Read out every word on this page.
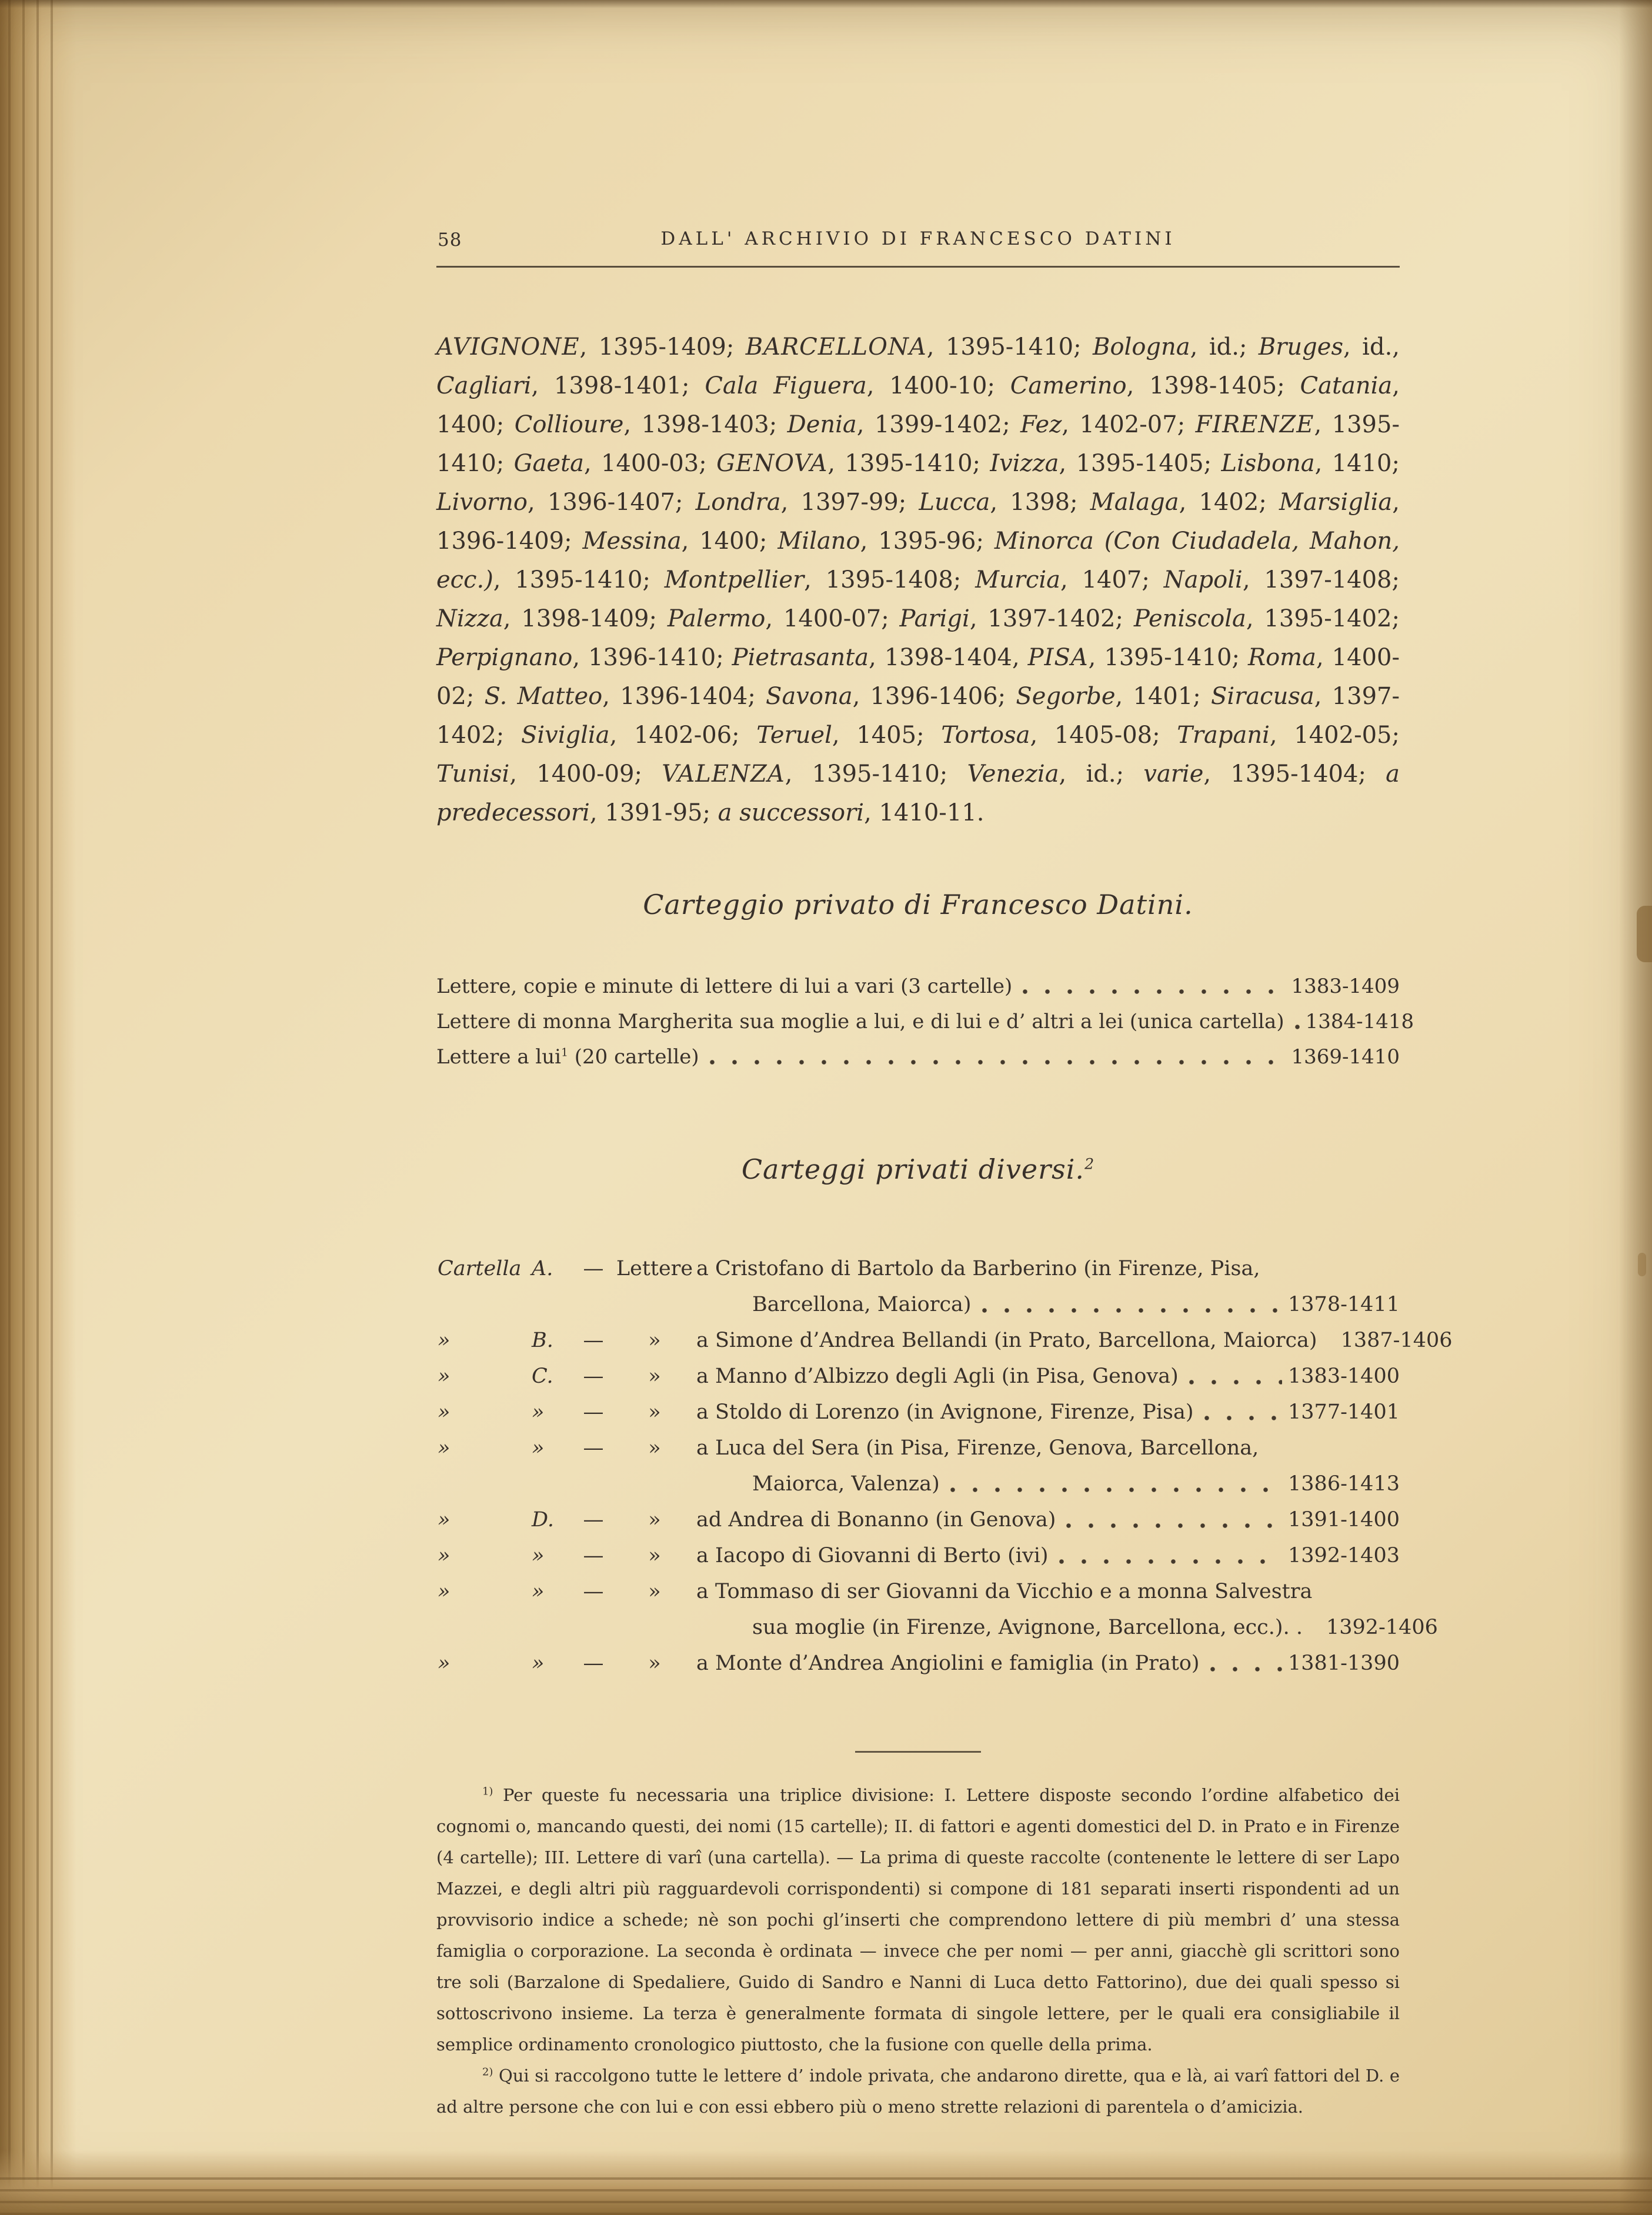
58	DALL' ARCHIVIO DI FRANCESCO DATINI

AVIGNONE, 1395-1409; BARCELLONA, 1395-1410; Bologna, id.; Bruges, id., Cagliari, 1398-1401; Cala Figuera, 1400-10; Camerino, 1398-1405; Catania, 1400; Collioure, 1398-1403; Denia, 1399-1402; Fez, 1402-07; FIRENZE, 1395-1410; Gaeta, 1400-03; GENOVA, 1395-1410; Ivizza, 1395-1405; Lisbona, 1410; Livorno, 1396-1407; Londra, 1397-99; Lucca, 1398; Malaga, 1402; Marsiglia, 1396-1409; Messina, 1400; Milano, 1395-96; Minorca (Con Ciudadela, Mahon, ecc.), 1395-1410; Montpellier, 1395-1408; Murcia, 1407; Napoli, 1397-1408; Nizza, 1398-1409; Palermo, 1400-07; Parigi, 1397-1402; Peniscola, 1395-1402; Perpignano, 1396-1410; Pietrasanta, 1398-1404, PISA, 1395-1410; Roma, 1400-02; S. Matteo, 1396-1404; Savona, 1396-1406; Segorbe, 1401; Siracusa, 1397-1402; Siviglia, 1402-06; Teruel, 1405; Tortosa, 1405-08; Trapani, 1402-05; Tunisi, 1400-09; VALENZA, 1395-1410; Venezia, id.; varie, 1395-1404; a predecessori, 1391-95; a successori, 1410-11.

Carteggio privato di Francesco Datini.
Lettere, copie e minute di lettere di lui a vari (3 cartelle)	1383-1409
Lettere di monna Margherita sua moglie a lui, e di lui e d’ altri a lei (unica cartella) 1384-1418
Lettere a lui$^1$ (20 cartelle)	1369-1410
Carteggi privati diversi.$^2$
Cartella A.	— Lettere a Cristofano di Bartolo da Barberino (in Firenze, Pisa,
Barcellona, Maiorca)	1378-1411
»	B.	—	»	a Simone d’Andrea Bellandi (in Prato, Barcellona, Maiorca) 1387-1406
»	C.	—	»	a Manno d’Albizzo degli Agli (in Pisa, Genova)	1383-1400
»	»	—	»	a Stoldo di Lorenzo (in Avignone, Firenze, Pisa)	1377-1401
»	»	—	»	a Luca del Sera (in Pisa, Firenze, Genova, Barcellona,
Maiorca, Valenza)	1386-1413
»	D.	—	»	ad Andrea di Bonanno (in Genova)	1391-1400
»	»	—	»	a Iacopo di Giovanni di Berto (ivi)	1392-1403
»	»	—	»	a Tommaso di ser Giovanni da Vicchio e a monna Salvestra
sua moglie (in Firenze, Avignone, Barcellona, ecc.). . 1392-1406
»	»	—	»	a Monte d’Andrea Angiolini e famiglia (in Prato)	1381-1390

$^{1)}$ Per queste fu necessaria una triplice divisione: I. Lettere disposte secondo l’ordine alfabetico dei cognomi o, mancando questi, dei nomi (15 cartelle); II. di fattori e agenti domestici del D. in Prato e in Firenze (4 cartelle); III. Lettere di varî (una cartella). — La prima di queste raccolte (contenente le lettere di ser Lapo Mazzei, e degli altri più ragguardevoli corrispondenti) si compone di 181 separati inserti rispondenti ad un provvisorio indice a schede; nè son pochi gl’inserti che comprendono lettere di più membri d’ una stessa famiglia o corporazione. La seconda è ordinata — invece che per nomi — per anni, giacchè gli scrittori sono tre soli (Barzalone di Spedaliere, Guido di Sandro e Nanni di Luca detto Fattorino), due dei quali spesso si sottoscrivono insieme. La terza è generalmente formata di singole lettere, per le quali era consigliabile il semplice ordinamento cronologico piuttosto, che la fusione con quelle della prima.

$^{2)}$ Qui si raccolgono tutte le lettere d’ indole privata, che andarono dirette, qua e là, ai varî fattori del D. e ad altre persone che con lui e con essi ebbero più o meno strette relazioni di parentela o d’amicizia.
